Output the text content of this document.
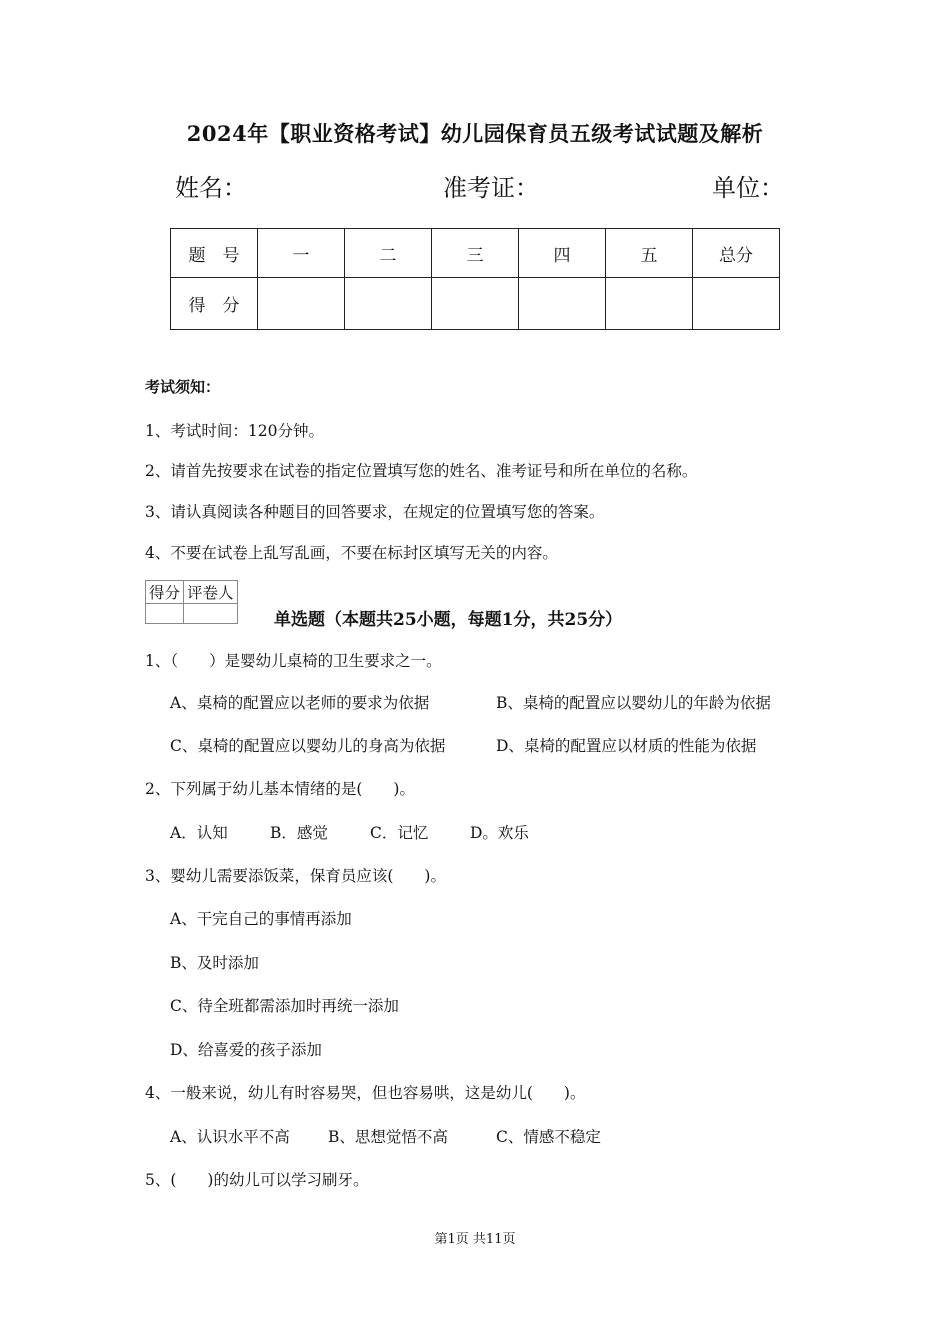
2024年【职业资格考试】幼儿园保育员五级考试试题及解析
姓名：	准考证：	单位：
题　号	一	二	三	四	五	总分
得　分						
考试须知：
1、考试时间：120分钟。
2、请首先按要求在试卷的指定位置填写您的姓名、准考证号和所在单位的名称。
3、请认真阅读各种题目的回答要求，在规定的位置填写您的答案。
4、不要在试卷上乱写乱画，不要在标封区填写无关的内容。
得分	评卷人

单选题（本题共25小题，每题1分，共25分）
1、（　　）是婴幼儿桌椅的卫生要求之一。
A、桌椅的配置应以老师的要求为依据	B、桌椅的配置应以婴幼儿的年龄为依据
C、桌椅的配置应以婴幼儿的身高为依据	D、桌椅的配置应以材质的性能为依据
2、下列属于幼儿基本情绪的是(　　)。
A．认知	B．感觉	C．记忆	D。欢乐
3、婴幼儿需要添饭菜，保育员应该(　　)。
A、干完自己的事情再添加
B、及时添加
C、待全班都需添加时再统一添加
D、给喜爱的孩子添加
4、一般来说，幼儿有时容易哭，但也容易哄，这是幼儿(　　)。
A、认识水平不高 B、思想觉悟不高	C、情感不稳定
5、(　　)的幼儿可以学习刷牙。
第1页 共11页
